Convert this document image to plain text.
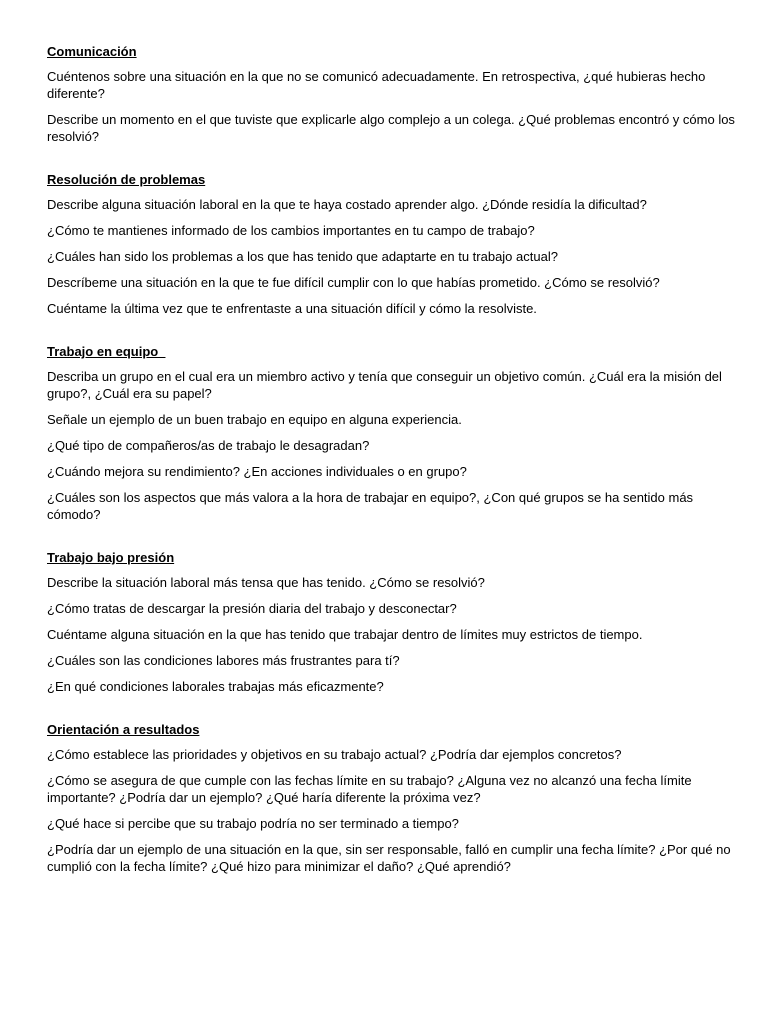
Comunicación

Cuéntenos sobre una situación en la que no se comunicó adecuadamente. En retrospectiva, ¿qué hubieras hecho diferente?

Describe un momento en el que tuviste que explicarle algo complejo a un colega. ¿Qué problemas encontró y cómo los resolvió?

Resolución de problemas

Describe alguna situación laboral en la que te haya costado aprender algo. ¿Dónde residía la dificultad?

¿Cómo te mantienes informado de los cambios importantes en tu campo de trabajo?

¿Cuáles han sido los problemas a los que has tenido que adaptarte en tu trabajo actual?

Descríbeme una situación en la que te fue difícil cumplir con lo que habías prometido. ¿Cómo se resolvió?

Cuéntame la última vez que te enfrentaste a una situación difícil y cómo la resolviste.

Trabajo en equipo

Describa un grupo en el cual era un miembro activo y tenía que conseguir un objetivo común. ¿Cuál era la misión del grupo?, ¿Cuál era su papel?

Señale un ejemplo de un buen trabajo en equipo en alguna experiencia.

¿Qué tipo de compañeros/as de trabajo le desagradan?

¿Cuándo mejora su rendimiento? ¿En acciones individuales o en grupo?

¿Cuáles son los aspectos que más valora a la hora de trabajar en equipo?, ¿Con qué grupos se ha sentido más cómodo?

Trabajo bajo presión

Describe la situación laboral más tensa que has tenido. ¿Cómo se resolvió?

¿Cómo tratas de descargar la presión diaria del trabajo y desconectar?

Cuéntame alguna situación en la que has tenido que trabajar dentro de límites muy estrictos de tiempo.

¿Cuáles son las condiciones labores más frustrantes para tí?

¿En qué condiciones laborales trabajas más eficazmente?

Orientación a resultados

¿Cómo establece las prioridades y objetivos en su trabajo actual? ¿Podría dar ejemplos concretos?

¿Cómo se asegura de que cumple con las fechas límite en su trabajo? ¿Alguna vez no alcanzó una fecha límite importante? ¿Podría dar un ejemplo? ¿Qué haría diferente la próxima vez?

¿Qué hace si percibe que su trabajo podría no ser terminado a tiempo?

¿Podría dar un ejemplo de una situación en la que, sin ser responsable, falló en cumplir una fecha límite? ¿Por qué no cumplió con la fecha límite? ¿Qué hizo para minimizar el daño? ¿Qué aprendió?
